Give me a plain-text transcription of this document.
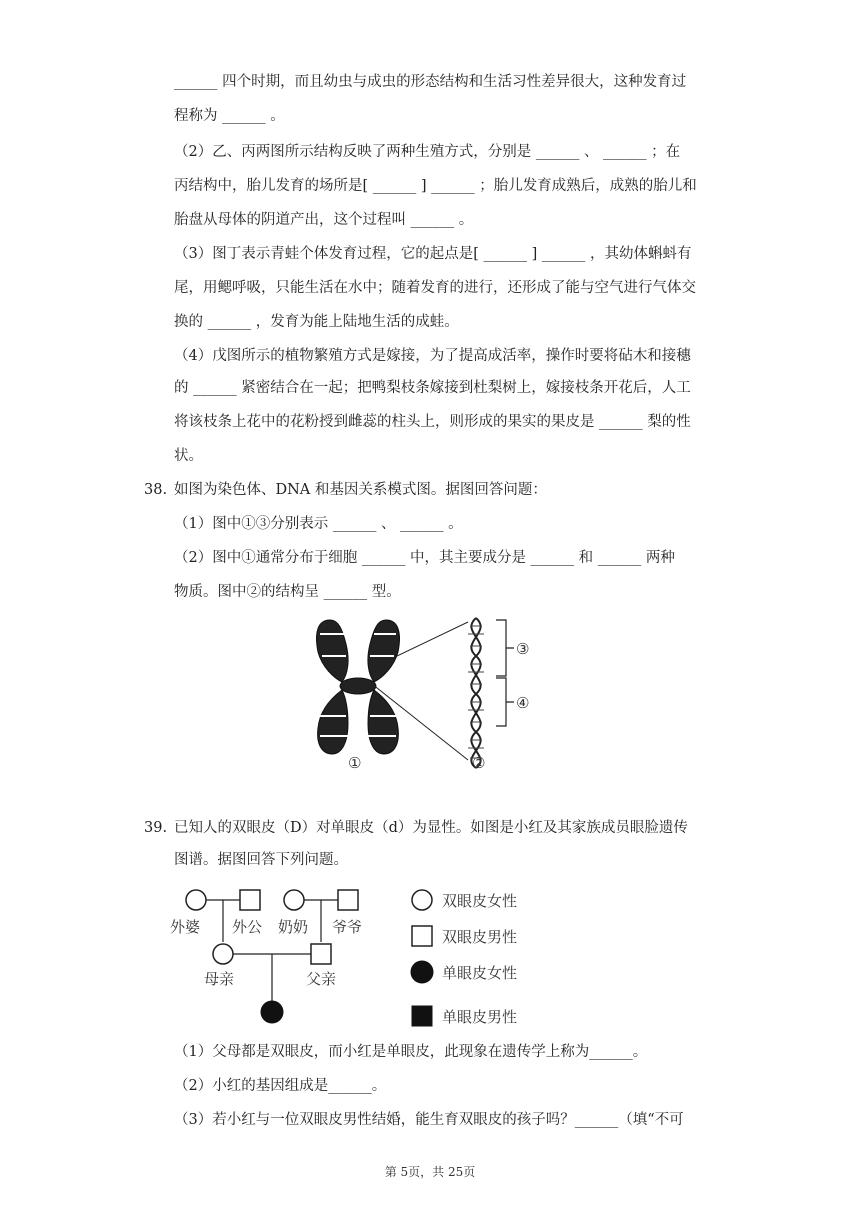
______ 四个时期，而且幼虫与成虫的形态结构和生活习性差异很大，这种发育过
程称为 ______ 。
（2）乙、丙两图所示结构反映了两种生殖方式，分别是 ______ 、 ______ ；在
丙结构中，胎儿发育的场所是[ ______ ] ______ ；胎儿发育成熟后，成熟的胎儿和
胎盘从母体的阴道产出，这个过程叫 ______ 。
（3）图丁表示青蛙个体发育过程，它的起点是[ ______ ] ______ ，其幼体蝌蚪有
尾，用鳃呼吸，只能生活在水中；随着发育的进行，还形成了能与空气进行气体交
换的 ______ ，发育为能上陆地生活的成蛙。
（4）戊图所示的植物繁殖方式是嫁接，为了提高成活率，操作时要将砧木和接穗
的 ______ 紧密结合在一起；把鸭梨枝条嫁接到杜梨树上，嫁接枝条开花后，人工
将该枝条上花中的花粉授到雌蕊的柱头上，则形成的果实的果皮是 ______ 梨的性
状。
38. 如图为染色体、DNA 和基因关系模式图。据图回答问题：
（1）图中①③分别表示 ______ 、 ______ 。
（2）图中①通常分布于细胞 ______ 中，其主要成分是 ______ 和 ______ 两种
物质。图中②的结构呈 ______ 型。
③
④
①	②
39. 已知人的双眼皮（D）对单眼皮（d）为显性。如图是小红及其家族成员眼脸遗传
图谱。据图回答下列问题。
外婆 外公 奶奶 爷爷
母亲	父亲
双眼皮女性
双眼皮男性
单眼皮女性
单眼皮男性
（1）父母都是双眼皮，而小红是单眼皮，此现象在遗传学上称为______。
（2）小红的基因组成是______。
（3）若小红与一位双眼皮男性结婚，能生育双眼皮的孩子吗？______（填“不可
第 5页，共 25页
